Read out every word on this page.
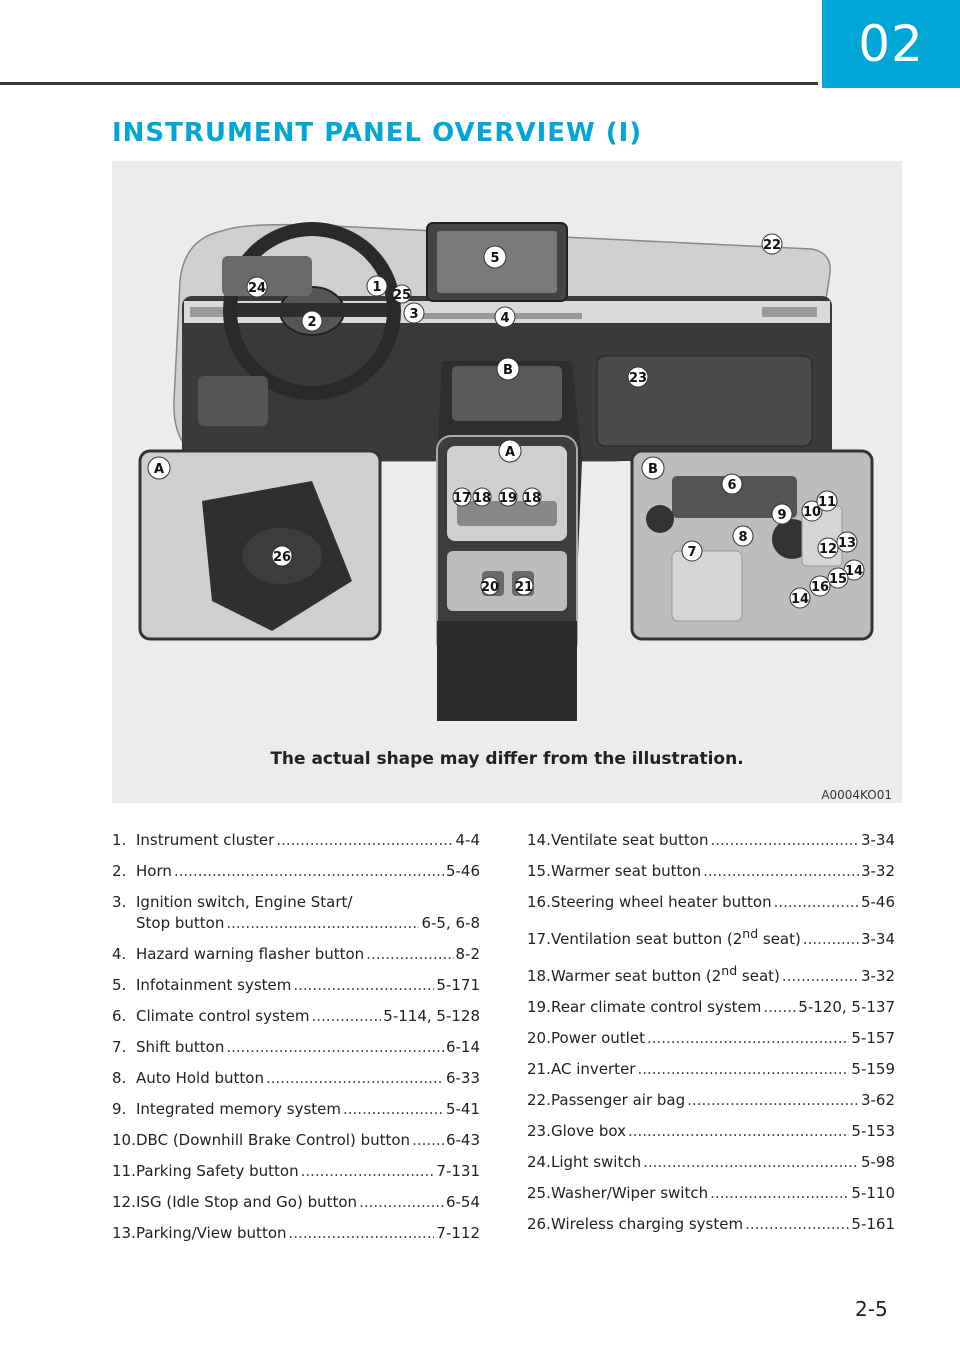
02
INSTRUMENT PANEL OVERVIEW (I)
1
2
3	4
5
6
7
8
9 10
11
12 13
14
15
16
14
17 18 19 18
20 21
22
23
24	25
26
A
B
A	B
The actual shape may differ from the illustration.
A0004KO01
1. Instrument cluster .....	4-4
2. Horn .....	5-46
3. Ignition switch, Engine Start/
Stop button .....	6-5, 6-8
4. Hazard warning flasher button .....	8-2
5. Infotainment system .....	5-171
6. Climate control system .....	5-114, 5-128
7. Shift button .....	6-14
8. Auto Hold button .....	6-33
9. Integrated memory system .....	5-41
10. DBC (Downhill Brake Control) button ..... 6-43
11. Parking Safety button .....	7-131
12. ISG (Idle Stop and Go) button .....	6-54
13. Parking/View button .....	7-112
14. Ventilate seat button .....	3-34
15. Warmer seat button .....	3-32
16. Steering wheel heater button .....	5-46
17. Ventilation seat button (2nd seat) .....	3-34
18. Warmer seat button (2nd seat) .....	3-32
19. Rear climate control system ..... 5-120, 5-137
20. Power outlet .....	5-157
21. AC inverter .....	5-159
22. Passenger air bag .....	3-62
23. Glove box .....	5-153
24. Light switch .....	5-98
25. Washer/Wiper switch .....	5-110
26. Wireless charging system .....	5-161
2-5
